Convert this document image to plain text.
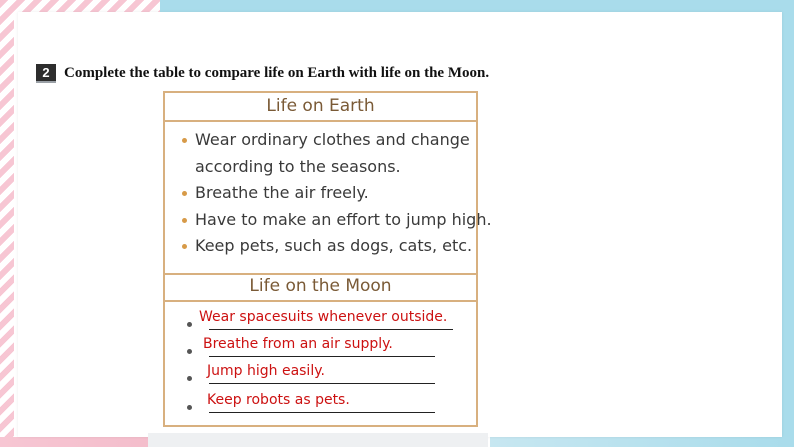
2 Complete the table to compare life on Earth with life on the Moon.
Life on Earth
Wear ordinary clothes and change
according to the seasons.
Breathe the air freely.
Have to make an effort to jump high.
Keep pets, such as dogs, cats, etc.
Life on the Moon
Wear spacesuits whenever outside.
Breathe from an air supply.
Jump high easily.
Keep robots as pets.
